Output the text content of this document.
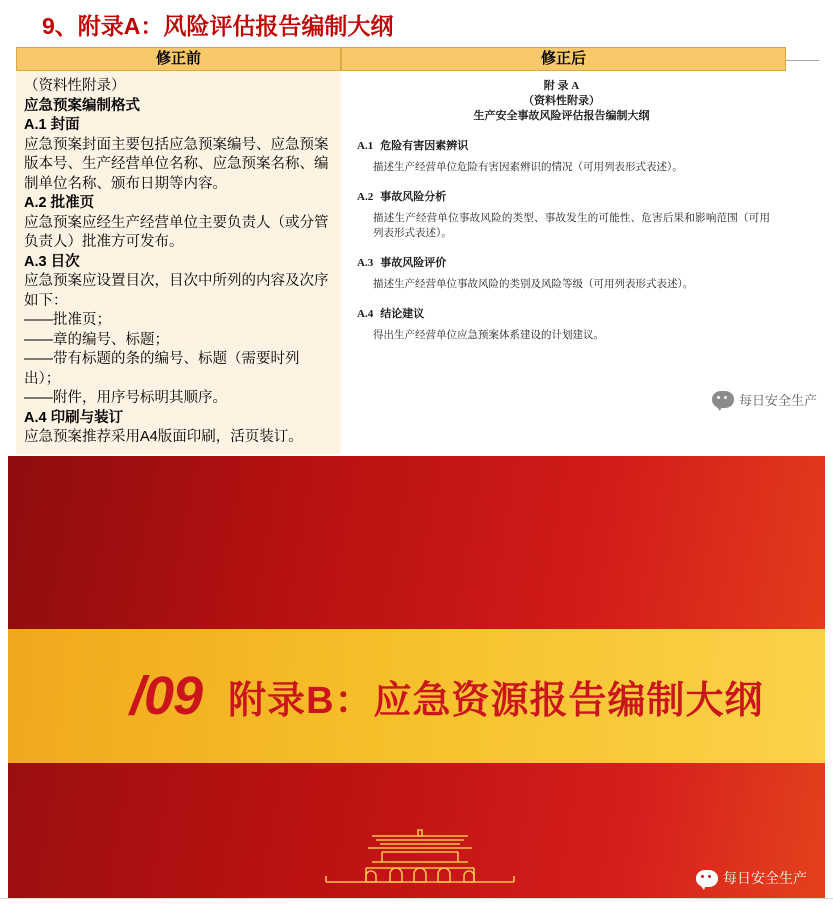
9、附录A：风险评估报告编制大纲
修正前	修正后

（资料性附录）

应急预案编制格式

A.1 封面

应急预案封面主要包括应急预案编号、应急预案版本号、生产经营单位名称、应急预案名称、编制单位名称、颁布日期等内容。

A.2 批准页

应急预案应经生产经营单位主要负责人（或分管负责人）批准方可发布。

A.3 目次

应急预案应设置目次，目次中所列的内容及次序如下：

——批准页；

——章的编号、标题；

——带有标题的条的编号、标题（需要时列出）；

——附件，用序号标明其顺序。

A.4 印刷与装订

应急预案推荐采用A4版面印刷，活页装订。

附 录 A
（资料性附录）
生产安全事故风险评估报告编制大纲
A.1 危险有害因素辨识
描述生产经营单位危险有害因素辨识的情况（可用列表形式表述）。
A.2 事故风险分析
描述生产经营单位事故风险的类型、事故发生的可能性、危害后果和影响范围（可用列表形式表述）。
A.3 事故风险评价
描述生产经营单位事故风险的类别及风险等级（可用列表形式表述）。
A.4 结论建议
得出生产经营单位应急预案体系建设的计划建议。
每日安全生产
/09 附录B：应急资源报告编制大纲
每日安全生产
